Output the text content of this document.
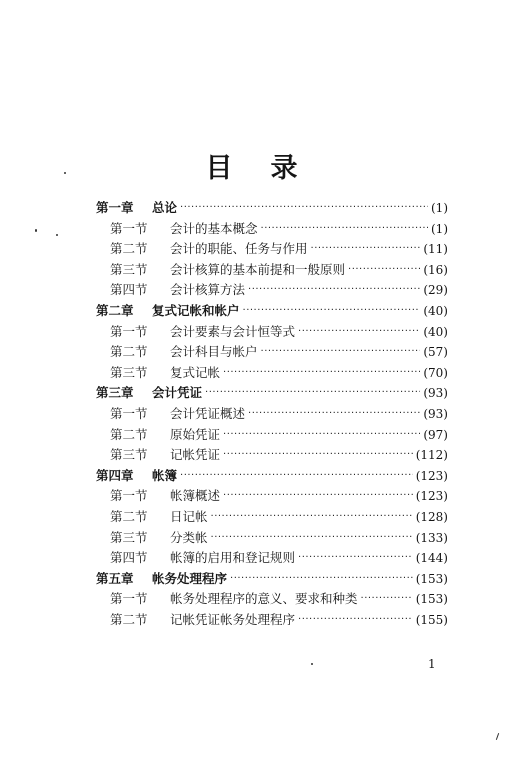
目 录
第一章	总论 ·····	(1)
第一节	会计的基本概念 ·····	(1)
第二节	会计的职能、任务与作用 ·····	(11)
第三节	会计核算的基本前提和一般原则 ·····	(16)
第四节	会计核算方法 ·····	(29)
第二章	复式记帐和帐户 ·····	(40)
第一节	会计要素与会计恒等式 ·····	(40)
第二节	会计科目与帐户 ·····	(57)
第三节	复式记帐 ·····	(70)
第三章	会计凭证 ·····	(93)
第一节	会计凭证概述 ·····	(93)
第二节	原始凭证 ·····	(97)
第三节	记帐凭证 ·····	(112)
第四章	帐簿 ·····	(123)
第一节	帐簿概述 ·····	(123)
第二节	日记帐 ·····	(128)
第三节	分类帐 ·····	(133)
第四节	帐簿的启用和登记规则 ·····	(144)
第五章	帐务处理程序 ·····	(153)
第一节	帐务处理程序的意义、要求和种类 ·····	(153)
第二节	记帐凭证帐务处理程序 ·····	(155)
1
